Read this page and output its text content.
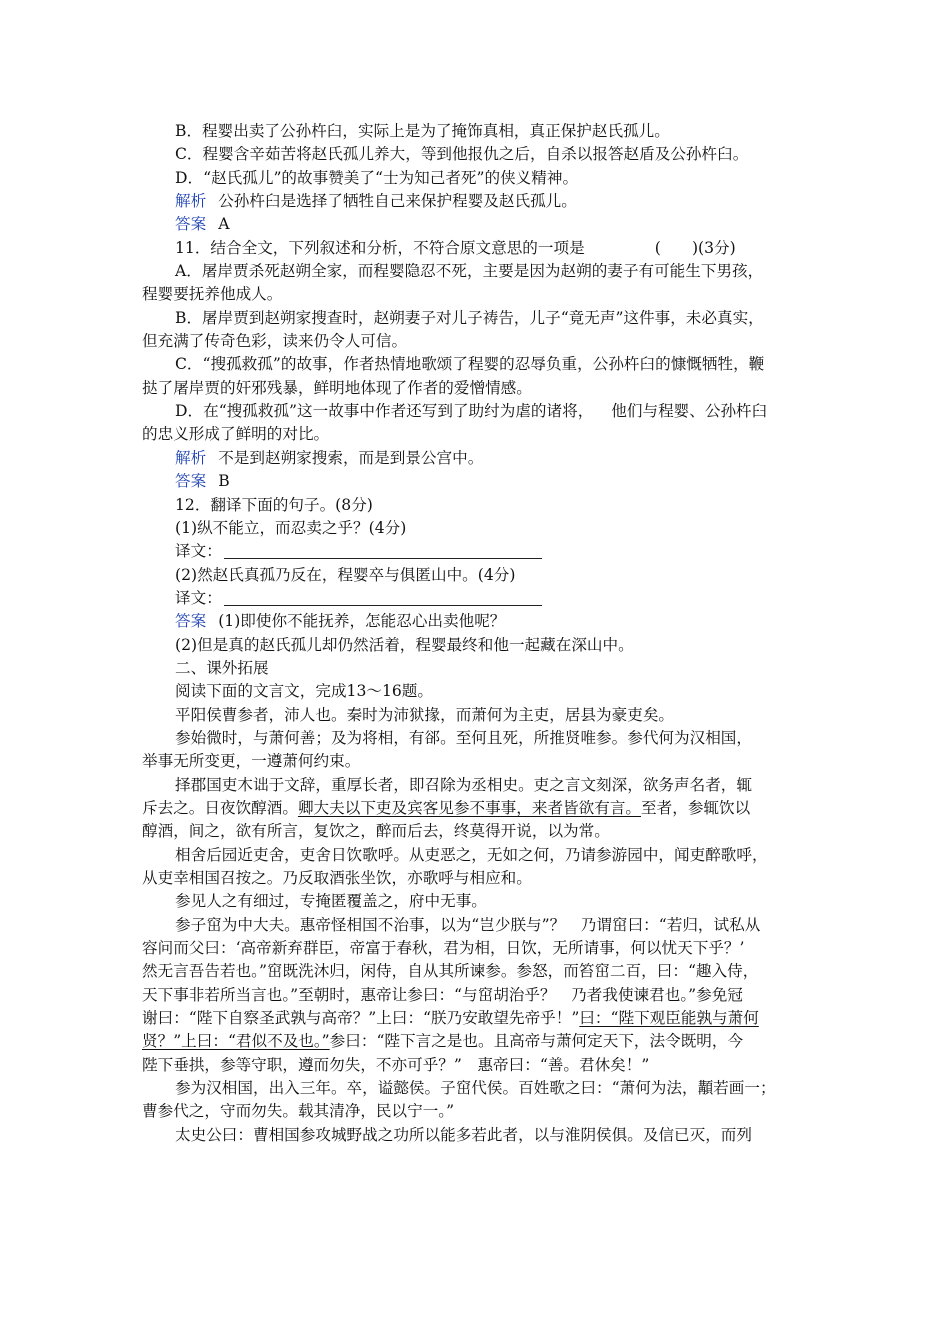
B．程婴出卖了公孙杵臼，实际上是为了掩饰真相，真正保护赵氏孤儿。
C．程婴含辛茹苦将赵氏孤儿养大，等到他报仇之后，自杀以报答赵盾及公孙杵臼。
D．“赵氏孤儿”的故事赞美了“士为知己者死”的侠义精神。
解析 公孙杵臼是选择了牺牲自己来保护程婴及赵氏孤儿。
答案 A
11．结合全文，下列叙述和分析，不符合原文意思的一项是	(　　)(3分)
A．屠岸贾杀死赵朔全家，而程婴隐忍不死，主要是因为赵朔的妻子有可能生下男孩，
程婴要抚养他成人。
B．屠岸贾到赵朔家搜查时，赵朔妻子对儿子祷告，儿子“竟无声”这件事，未必真实，
但充满了传奇色彩，读来仍令人可信。
C．“搜孤救孤”的故事，作者热情地歌颂了程婴的忍辱负重，公孙杵臼的慷慨牺牲，鞭
挞了屠岸贾的奸邪残暴，鲜明地体现了作者的爱憎情感。
D．在“搜孤救孤”这一故事中作者还写到了助纣为虐的诸将， 他们与程婴、公孙杵臼
的忠义形成了鲜明的对比。
解析 不是到赵朔家搜索，而是到景公宫中。
答案 B
12．翻译下面的句子。(8分)
(1)纵不能立，而忍卖之乎？(4分)
译文：
(2)然赵氏真孤乃反在，程婴卒与俱匿山中。(4分)
译文：
答案 (1)即使你不能抚养，怎能忍心出卖他呢？
(2)但是真的赵氏孤儿却仍然活着，程婴最终和他一起藏在深山中。
二、课外拓展
阅读下面的文言文，完成13～16题。
平阳侯曹参者，沛人也。秦时为沛狱掾，而萧何为主吏，居县为豪吏矣。
参始微时，与萧何善；及为将相，有郤。至何且死，所推贤唯参。参代何为汉相国，
举事无所变更，一遵萧何约束。
择郡国吏木诎于文辞，重厚长者，即召除为丞相史。吏之言文刻深，欲务声名者，辄
斥去之。日夜饮醇酒。卿大夫以下吏及宾客见参不事事，来者皆欲有言。至者，参辄饮以
醇酒，间之，欲有所言，复饮之，醉而后去，终莫得开说，以为常。
相舍后园近吏舍，吏舍日饮歌呼。从吏恶之，无如之何，乃请参游园中，闻吏醉歌呼，
从吏幸相国召按之。乃反取酒张坐饮，亦歌呼与相应和。
参见人之有细过，专掩匿覆盖之，府中无事。
参子窋为中大夫。惠帝怪相国不治事，以为“岂少朕与”？　乃谓窋曰：“若归，试私从
容问而父曰：‘高帝新弃群臣，帝富于春秋，君为相，日饮，无所请事，何以忧天下乎？’
然无言吾告若也。”窋既洗沐归，闲侍，自从其所谏参。参怒，而笞窋二百，曰：“趣入侍，
天下事非若所当言也。”至朝时，惠帝让参曰：“与窋胡治乎？　乃者我使谏君也。”参免冠
谢曰：“陛下自察圣武孰与高帝？”上曰：“朕乃安敢望先帝乎！”曰：“陛下观臣能孰与萧何
贤？”上曰：“君似不及也。”参曰：“陛下言之是也。且高帝与萧何定天下，法令既明，今
陛下垂拱，参等守职，遵而勿失，不亦可乎？”　惠帝曰：“善。君休矣！”
参为汉相国，出入三年。卒，谥懿侯。子窋代侯。百姓歌之曰：“萧何为法，顜若画一；
曹参代之，守而勿失。载其清净，民以宁一。”
太史公曰：曹相国参攻城野战之功所以能多若此者，以与淮阴侯俱。及信已灭，而列
